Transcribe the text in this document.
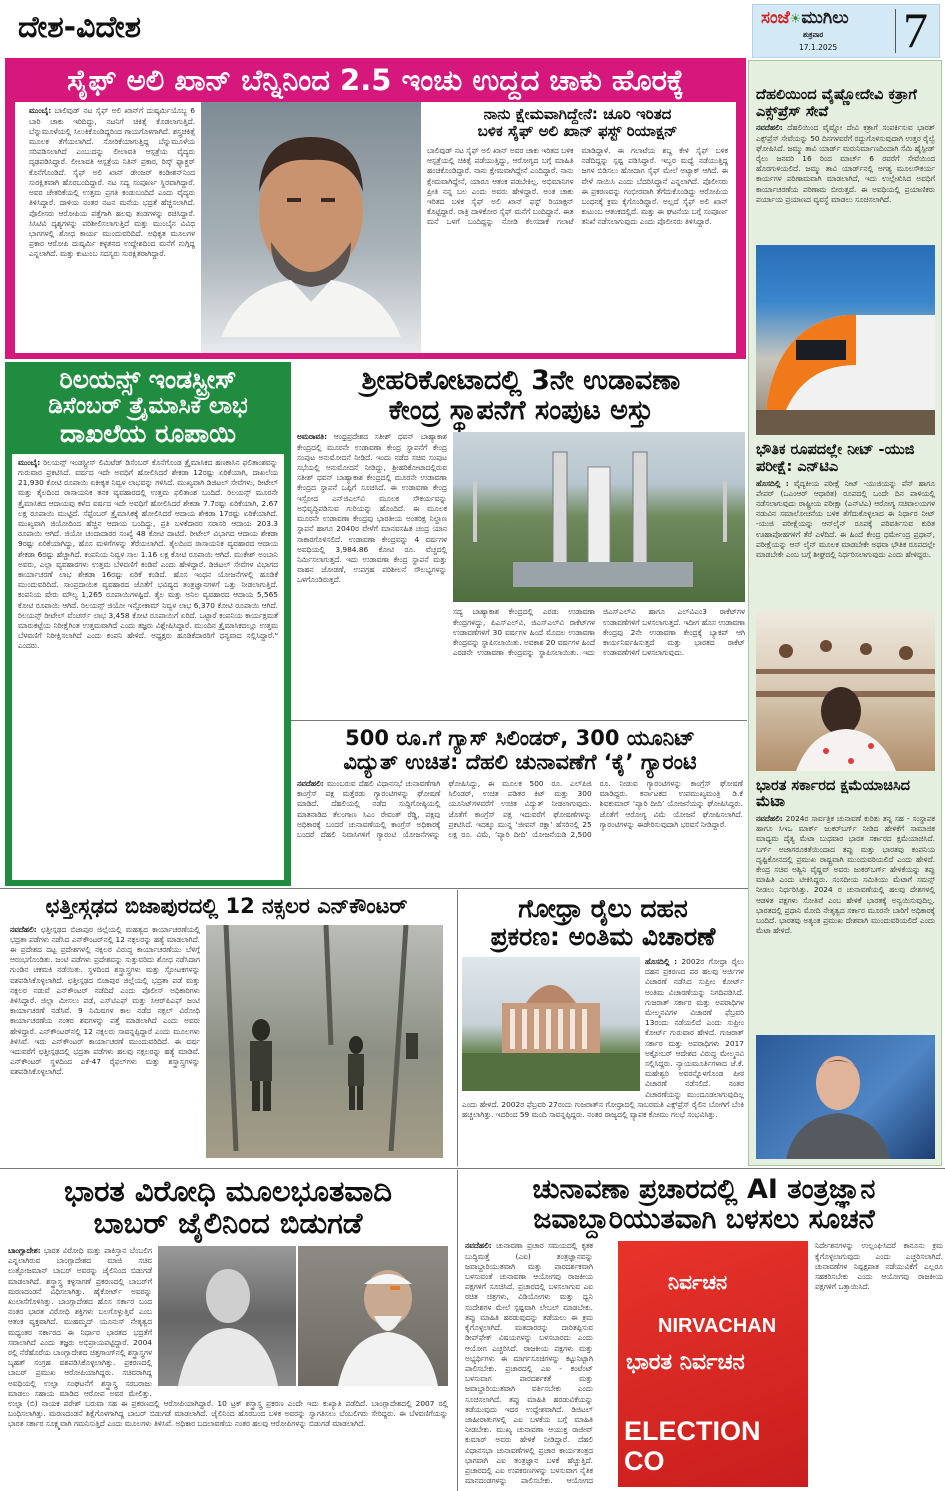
ದೇಶ-ವಿದೇಶ	ಸಂಜೆ☀ಮುಗಿಲು
ಶುಕ್ರವಾರ
17.1.2025 7
ಸೈಫ್ ಅಲಿ ಖಾನ್ ಬೆನ್ನಿನಿಂದ 2.5 ಇಂಚು ಉದ್ದದ ಚಾಕು ಹೊರಕ್ಕೆ
ಮುಂಬೈ: ಬಾಲಿವುಡ್ ನಟ ಸೈಫ್ ಅಲಿ ಖಾನ್‌ಗೆ ದುಷ್ಕರ್ಮಿಯೊಬ್ಬ 6 ಬಾರಿ ಚಾಕು ಇರಿದಿದ್ದು, ನಟನಿಗೆ ಚಿಕಿತ್ಸೆ ಕೊಡಲಾಗುತ್ತಿದೆ. ಬೆನ್ನುಮೂಳೆಯಲ್ಲಿ ಸಿಲುಕಿಕೊಂಡಿದ್ದರಿಂದ ಗಾಯಗೊಳಗಾಗಿದೆ. ಶಸ್ತ್ರಚಿಕಿತ್ಸೆ ಮೂಲಕ ತೆಗೆಯಲಾಗಿದೆ. ಸೋರಿಕೆಯಾಗುತ್ತಿದ್ದ ಬೆನ್ನುಮೂಳೆಯ ಸರಿಪಡಿಸಲಾಗಿದೆ ಎಂಬುದನ್ನು ಲೀಲಾವತಿ ಆಸ್ಪತ್ರೆಯ ವೈದ್ಯರು ದೃಢಪಡಿಸಿದ್ದಾರೆ. ಲೀಲಾವತಿ ಆಸ್ಪತ್ರೆಯ ನಿತಿನ್ ಪ್ರಕಾರ, ರಿಸ್ಕ್ ಫ್ಯಾಕ್ಚರ್ ಕೊನೆಗೊಂಡಿದೆ. ಸೈಫ್ ಅಲಿ ಖಾನ್ ಡೇಂಜರ್ ಕಂಡೀಶನ್‌ನಿಂದ ಸುರಕ್ಷಿತವಾಗಿ ಹೊರಬಂದಿದ್ದಾರೆ. ನಟ ಸದ್ಯ ಸಂಪೂರ್ಣ ಸ್ಥಿರವಾಗಿದ್ದಾರೆ. ಅವರ ಚೇತರಿಕೆಯಲ್ಲಿ ಉತ್ತಮ ಪ್ರಗತಿ ಕಂಡುಬಂದಿದೆ ಎಂದು ವೈದ್ಯರು ತಿಳಿಸಿದ್ದಾರೆ. ದಾಳಿಯ ನಂತರ ನಟನ ಮನೆಯ ಭದ್ರತೆ ಹೆಚ್ಚಿಸಲಾಗಿದೆ. ಪೊಲೀಸರು ಆರೋಪಿಯ ಪತ್ತೆಗಾಗಿ ಹಲವು ತಂಡಗಳನ್ನು ರಚಿಸಿದ್ದಾರೆ. ಸಿಸಿಟಿವಿ ದೃಶ್ಯಗಳನ್ನು ಪರಿಶೀಲಿಸಲಾಗುತ್ತಿದೆ ಮತ್ತು ಮುಂಬೈನ ವಿವಿಧ ಭಾಗಗಳಲ್ಲಿ ಶೋಧ ಕಾರ್ಯ ಮುಂದುವರಿದಿದೆ. ಅಧಿಕೃತ ಮೂಲಗಳ ಪ್ರಕಾರ ಆರೋಪಿ ದುಷ್ಕರ್ಮಿ ಕಳ್ಳತನದ ಉದ್ದೇಶದಿಂದ ಮನೆಗೆ ನುಗ್ಗಿದ್ದ ಎನ್ನಲಾಗಿದೆ. ಮತ್ತು ಕುಟುಂಬ ಸದಸ್ಯರು ಸುರಕ್ಷಿತರಾಗಿದ್ದಾರೆ.
ನಾನು ಕ್ಷೇಮವಾಗಿದ್ದೇನೆ: ಚೂರಿ ಇರಿತದ
ಬಳಿಕ ಸೈಫ್ ಅಲಿ ಖಾನ್ ಫಸ್ಟ್ ರಿಯಾಕ್ಷನ್
ಬಾಲಿವುಡ್ ನಟ ಸೈಫ್ ಅಲಿ ಖಾನ್ ಅವರ ಚಾಕು ಇರಿತದ ಬಳಿಕ ಆಸ್ಪತ್ರೆಯಲ್ಲಿ ಚಿಕಿತ್ಸೆ ಪಡೆಯುತ್ತಿದ್ದು, ಆರೋಗ್ಯದ ಬಗ್ಗೆ ಮಾಹಿತಿ ಹಂಚಿಕೊಂಡಿದ್ದಾರೆ. ನಾನು ಕ್ಷೇಮವಾಗಿದ್ದೇನೆ ಎಂದಿದ್ದಾರೆ. ನಾನು ಕ್ಷೇಮವಾಗಿದ್ದೇನೆ, ಯಾರೂ ಆತಂಕ ಪಡಬೇಕಿಲ್ಲ. ಅಭಿಮಾನಿಗಳ ಪ್ರೀತಿ ನನ್ನ ಬಲ ಎಂದು ಅವರು ಹೇಳಿದ್ದಾರೆ. ಅಂತ ಚಾಕು ಇರಿತದ ಬಳಿಕ ಸೈಫ್ ಅಲಿ ಖಾನ್ ಫಸ್ಟ್ ರಿಯಾಕ್ಷನ್ ಕೊಟ್ಟಿದ್ದಾರೆ. ರಾತ್ರಿ ದಾಳಿಕೋರ ಸೈಫ್ ಮನೆಗೆ ಬಂದಿದ್ದಾನೆ. ಈತ ಮನೆ ಒಳಗೆ ಬಂದಿದ್ದನ್ನು ನೋಡಿ ಕೆಲಸದಾಕೆ ಗಲಾಟೆ ಮಾಡಿದ್ದಾಳೆ. ಈ ಗಲಾಟೆಯ ಶಬ್ದ ಕೇಳಿ ಸೈಫ್ ಬಳಿಕ ನಡೆದಿದ್ದನ್ನು ಸ್ಪಷ್ಟ ಪಡಿಸಿದ್ದಾರೆ. ಇಬ್ಬರ ಮಧ್ಯೆ ನಡೆಯುತ್ತಿದ್ದ ಜಗಳ ಬಿಡಿಸಲು ಹೋದಾಗ ಸೈಫ್ ಮೇಲೆ ಅಟ್ಯಾಕ್ ಆಗಿದೆ. ಈ ವೇಳೆ ಸಾಯಿಸಿ ಎಂದು ಬೆದರಿಸಿದ್ದಾನೆ ಎನ್ನಲಾಗಿದೆ. ಪೊಲೀಸರು ಈ ಪ್ರಕರಣವನ್ನು ಗಂಭೀರವಾಗಿ ತೆಗೆದುಕೊಂಡಿದ್ದು ಆರೋಪಿಯ ಬಂಧನಕ್ಕೆ ಕ್ರಮ ಕೈಗೊಂಡಿದ್ದಾರೆ. ಅಲ್ಲದೆ ಸೈಫ್ ಅಲಿ ಖಾನ್ ಕುಟುಂಬ ಆತಂಕದಲ್ಲಿದೆ. ಮತ್ತು ಈ ಘಟನೆಯ ಬಗ್ಗೆ ಸಂಪೂರ್ಣ ತನಿಖೆ ನಡೆಸಲಾಗುವುದು ಎಂದು ಪೊಲೀಸರು ತಿಳಿಸಿದ್ದಾರೆ.
ರಿಲಯನ್ಸ್ ಇಂಡಸ್ಟ್ರೀಸ್
ಡಿಸೆಂಬರ್ ತ್ರೈಮಾಸಿಕ ಲಾಭ
ದಾಖಲೆಯ ರೂಪಾಯಿ
ಮುಂಬೈ: ರಿಲಯನ್ಸ್ ಇಂಡಸ್ಟ್ರೀಸ್ ಲಿಮಿಟೆಡ್ ಡಿಸೆಂಬರ್ ಕೊನೆಗೊಂಡ ತ್ರೈಮಾಸಿಕದ ಹಣಕಾಸಿನ ಫಲಿತಾಂಶವನ್ನು ಗುರುವಾರ ಪ್ರಕಟಿಸಿದೆ. ವರ್ಷದ ಇದೇ ಅವಧಿಗೆ ಹೋಲಿಸಿದರೆ ಶೇಕಡಾ 12ರಷ್ಟು ಏರಿಕೆಯಾಗಿ, ದಾಖಲೆಯ 21,930 ಕೋಟಿ ರೂಪಾಯಿ ಏಕೀಕೃತ ನಿವ್ವಳ ಲಾಭವನ್ನು ಗಳಿಸಿದೆ. ಮುಖ್ಯವಾಗಿ ಡಿಜಿಟಲ್ ಸೇವೆಗಳು, ರೀಟೇಲ್ ಮತ್ತು ತೈಲದಿಂದ ರಾಸಾಯನಿಕ ತನಕ ವ್ಯವಹಾರದಲ್ಲಿ ಉತ್ತಮ ಫಲಿತಾಂಶ ಬಂದಿದೆ. ರಿಲಯನ್ಸ್ ಮೂರನೇ ತ್ರೈಮಾಸಿಕದ ಆದಾಯವು ಕಳೆದ ವರ್ಷದ ಇದೇ ಅವಧಿಗೆ ಹೋಲಿಸಿದರೆ ಶೇಕಡಾ 7.7ರಷ್ಟು ಏರಿಕೆಯಾಗಿ, 2.67 ಲಕ್ಷ ರೂಪಾಯಿ ಮುಟ್ಟಿದೆ. ಸೆಪ್ಟೆಂಬರ್ ತ್ರೈಮಾಸಿಕಕ್ಕೆ ಹೋಲಿಸಿದರೆ ಆದಾಯ ಶೇಕಡಾ 17ರಷ್ಟು ಏರಿಕೆಯಾಗಿದೆ. ಮುಖ್ಯವಾಗಿ ಜಿಯೋದಿಂದ ಹೆಚ್ಚಿನ ಆದಾಯ ಬಂದಿದ್ದು, ಪ್ರತಿ ಬಳಕೆದಾರರ ಸರಾಸರಿ ಆದಾಯ 203.3 ರೂಪಾಯಿ ಆಗಿದೆ. ಜಿಯೋ ಚಂದಾದಾರರ ಸಂಖ್ಯೆ 48 ಕೋಟಿ ದಾಟಿದೆ. ರೀಟೇಲ್ ವಿಭಾಗದ ಆದಾಯ ಶೇಕಡಾ 9ರಷ್ಟು ಏರಿಕೆಯಾಗಿದ್ದು, ಹೊಸ ಮಳಿಗೆಗಳನ್ನು ತೆರೆಯಲಾಗಿದೆ. ತೈಲದಿಂದ ರಾಸಾಯನಿಕ ವ್ಯವಹಾರದ ಆದಾಯ ಶೇಕಡಾ 6ರಷ್ಟು ಹೆಚ್ಚಾಗಿದೆ. ಕಂಪನಿಯ ನಿವ್ವಳ ಸಾಲ 1.16 ಲಕ್ಷ ಕೋಟಿ ರೂಪಾಯಿ ಆಗಿದೆ. ಮುಕೇಶ್ ಅಂಬಾನಿ ಅವರು, ಎಲ್ಲಾ ವ್ಯವಹಾರಗಳು ಉತ್ತಮ ಬೆಳವಣಿಗೆ ಕಂಡಿವೆ ಎಂದು ಹೇಳಿದ್ದಾರೆ. ಡಿಜಿಟಲ್ ಸೇವೆಗಳ ವಿಭಾಗದ ಕಾರ್ಯಾಚರಣೆ ಲಾಭ ಶೇಕಡಾ 16ರಷ್ಟು ಏರಿಕೆ ಕಂಡಿದೆ. ಹೊಸ ಇಂಧನ ಯೋಜನೆಗಳಲ್ಲಿ ಹೂಡಿಕೆ ಮುಂದುವರಿದಿದೆ. ಸಾಂಪ್ರದಾಯಿಕ ವ್ಯವಹಾರದ ಜೊತೆಗೆ ಭವಿಷ್ಯದ ತಂತ್ರಜ್ಞಾನಗಳಿಗೆ ಒತ್ತು ನೀಡಲಾಗುತ್ತಿದೆ. ಕಂಪನಿಯ ಷೇರು ಮೌಲ್ಯ 1,265 ರೂಪಾಯಿಗಳಷ್ಟಿದೆ. ತೈಲ ಮತ್ತು ಅನಿಲ ವ್ಯವಹಾರದ ಆದಾಯ 5,565 ಕೋಟಿ ರೂಪಾಯಿ ಆಗಿದೆ. ರಿಲಯನ್ಸ್ ಜಿಯೋ ಇನ್ಫೋಕಾಮ್ ನಿವ್ವಳ ಲಾಭ 6,370 ಕೋಟಿ ರೂಪಾಯಿ ಆಗಿದೆ. ರಿಲಯನ್ಸ್ ರೀಟೇಲ್ ವೆಂಚರ್ಸ್ ಲಾಭ 3,458 ಕೋಟಿ ರೂಪಾಯಿಗೆ ಏರಿದೆ. ಒಟ್ಟಾರೆ ಕಂಪನಿಯ ಕಾರ್ಯಕ್ಷಮತೆ ಮಾರುಕಟ್ಟೆಯ ನಿರೀಕ್ಷೆಗಿಂತ ಉತ್ತಮವಾಗಿದೆ ಎಂದು ತಜ್ಞರು ವಿಶ್ಲೇಷಿಸಿದ್ದಾರೆ. ಮುಂದಿನ ತ್ರೈಮಾಸಿಕದಲ್ಲೂ ಉತ್ತಮ ಬೆಳವಣಿಗೆ ನಿರೀಕ್ಷಿಸಲಾಗಿದೆ ಎಂದು ಕಂಪನಿ ಹೇಳಿದೆ. ಅಧ್ಯಕ್ಷರು ಹೂಡಿಕೆದಾರರಿಗೆ ಧನ್ಯವಾದ ಸಲ್ಲಿಸಿದ್ದಾರೆ." ಎಂದರು.
ಶ್ರೀಹರಿಕೋಟಾದಲ್ಲಿ 3ನೇ ಉಡಾವಣಾ
ಕೇಂದ್ರ ಸ್ಥಾಪನೆಗೆ ಸಂಪುಟ ಅಸ್ತು
ಅಮರಾವತಿ: ಆಂಧ್ರಪ್ರದೇಶದ ಸತೀಶ್ ಧವನ್ ಬಾಹ್ಯಾಕಾಶ ಕೇಂದ್ರದಲ್ಲಿ ಮೂರನೇ ಉಡಾವಣಾ ಕೇಂದ್ರ ಸ್ಥಾಪನೆಗೆ ಕೇಂದ್ರ ಸಂಪುಟ ಅನುಮೋದನೆ ನೀಡಿದೆ. ಇಂದು ನಡೆದ ಸಚಿವ ಸಂಪುಟ ಸಭೆಯಲ್ಲಿ ಅನುಮೋದನೆ ನೀಡಿದ್ದು, ಶ್ರೀಹರಿಕೋಟಾದಲ್ಲಿರುವ ಸತೀಶ್ ಧವನ್ ಬಾಹ್ಯಾಕಾಶ ಕೇಂದ್ರದಲ್ಲಿ ಮೂರನೇ ಉಡಾವಣಾ ಕೇಂದ್ರದ ಸ್ಥಾಪನೆ ಒಪ್ಪಿಗೆ ಸೂಚಿಸಿದೆ. ಈ ಉಡಾವಣಾ ಕೇಂದ್ರ ಇಸ್ರೋದ ಎನ್‌ಜಿಎಲ್‌ವಿ ಮೂಲಕ ಸೌಕರ್ಯವನ್ನು ಅಭಿವೃದ್ಧಿಪಡಿಸುವ ಗುರಿಯನ್ನು ಹೊಂದಿದೆ. ಈ ಮೂಲಕ ಮೂರನೇ ಉಡಾವಣಾ ಕೇಂದ್ರವು ಭಾರತೀಯ ಅಂತರಿಕ್ಷ ನಿಲ್ದಾಣ ಸ್ಥಾಪನೆ ಹಾಗೂ 2040ರ ವೇಳೆಗೆ ಮಾನವಸಹಿತ ಚಂದ್ರ ಯಾನ ಸಾಕಾರಗೊಳಿಸಲಿದೆ. ಉಡಾವಣಾ ಕೇಂದ್ರವನ್ನು 4 ವರ್ಷಗಳ ಅವಧಿಯಲ್ಲಿ 3,984.86 ಕೋಟಿ ರೂ. ವೆಚ್ಚದಲ್ಲಿ ನಿರ್ಮಿಸಲಾಗುತ್ತದೆ. ಇದು ಉಡಾವಣಾ ಕೇಂದ್ರ ಸ್ಥಾಪನೆ ಮತ್ತು ವಾಹನ ಜೋಡಣೆ, ಉಪಗ್ರಹ ಪರಿಶೀಲನೆ ಸೌಲಭ್ಯಗಳನ್ನು ಒಳಗೊಂಡಿರುತ್ತದೆ.
ಸದ್ಯ ಬಾಹ್ಯಾಕಾಶ ಕೇಂದ್ರದಲ್ಲಿ ಎರಡು ಉಡಾವಣಾ ಕೇಂದ್ರಗಳಿದ್ದು, ಪಿಎಸ್‌ಎಲ್‌ವಿ, ಜಿಎಸ್‌ಎಲ್‌ವಿ ರಾಕೆಟ್‌ಗಳ ಉಡಾವಣೆಗಳಿಗೆ 30 ವರ್ಷಗಳ ಹಿಂದೆ ಮೊದಲ ಉಡಾವಣಾ ಕೇಂದ್ರವನ್ನು ಸ್ಥಾಪಿಸಲಾಯಿತು. ಅವಕಾಶ 20 ವರ್ಷಗಳ ಹಿಂದೆ ಎರಡನೇ ಉಡಾವಣಾ ಕೇಂದ್ರವನ್ನು ಸ್ಥಾಪಿಸಲಾಯಿತು. ಇದು ಜಿಎಸ್‌ಎಲ್‌ವಿ ಹಾಗೂ ಎಲ್‌ವಿಎಂ3 ರಾಕೆಟ್‌ಗಳ ಉಡಾವಣೆಗಳಿಗೆ ಬಳಸಲಾಗುತ್ತದೆ. ಇದೀಗ ಹೊಸ ಉಡಾವಣಾ ಕೇಂದ್ರವು 2ನೇ ಉಡಾವಣಾ ಕೇಂದ್ರಕ್ಕೆ ಬ್ಯಾಕಪ್ ಆಗಿ ಕಾರ್ಯನಿರ್ವಹಿಸುತ್ತದೆ ಮತ್ತು ಭಾರತದ ರಾಕೆಟ್ ಉಡಾವಣೆಗಳಿಗೆ ಬಳಸಲಾಗುವುದು.
500 ರೂ.ಗೆ ಗ್ಯಾಸ್ ಸಿಲಿಂಡರ್, 300 ಯೂನಿಟ್
ವಿದ್ಯುತ್ ಉಚಿತ: ದೆಹಲಿ ಚುನಾವಣೆಗೆ ‘ಕೈ’ ಗ್ಯಾರಂಟಿ
ನವದೆಹಲಿ: ಮುಂಬರುವ ದೆಹಲಿ ವಿಧಾನಸಭೆ ಚುನಾವಣೆಗಾಗಿ ಕಾಂಗ್ರೆಸ್ ಪಕ್ಷ ಮತ್ತೆರಡು ಗ್ಯಾರಂಟಿಗಳನ್ನು ಘೋಷಣೆ ಮಾಡಿದೆ. ದೆಹಲಿಯಲ್ಲಿ ನಡೆದ ಸುದ್ದಿಗೋಷ್ಠಿಯಲ್ಲಿ ಮಾತನಾಡಿದ ತೆಲಂಗಾಣ ಸಿಎಂ ರೇವಂತ್ ರೆಡ್ಡಿ, ಪಕ್ಷವು ಅಧಿಕಾರಕ್ಕೆ ಬಂದರೆ ಚುನಾವಣೆಯಲ್ಲಿ ಕಾಂಗ್ರೆಸ್ ಅಧಿಕಾರಕ್ಕೆ ಬಂದರೆ ದೆಹಲಿ ನಿವಾಸಿಗಳಿಗೆ ಗ್ಯಾರಂಟಿ ಯೋಜನೆಗಳನ್ನು ಘೋಷಿಸಿದ್ದು, ಈ ಮೂಲಕ 500 ರೂ. ಎಲ್‌ಪಿಜಿ ಸಿಲಿಂಡರ್, ಉಚಿತ ಪಡಿತರ ಕಿಟ್ ಮತ್ತು 300 ಯೂನಿಟ್‌ಗಳವರೆಗೆ ಉಚಿತ ವಿದ್ಯುತ್ ನೀಡಲಾಗುವುದು. ಜೊತೆಗೆ ಕಾಂಗ್ರೆಸ್ ಪಕ್ಷ ಇದುವರೆಗೆ ಘೋಷಣೆಗಳನ್ನು ಪ್ರಕಟಿಸಿದೆ. ಇದಕ್ಕೂ ಮುನ್ನ ‘ಜೀವನ್ ರಕ್ಷಾ’ ಹೆಸರಿನಲ್ಲಿ 25 ಲಕ್ಷ ರೂ. ವಿಮೆ, ‘ಪ್ಯಾರಿ ದೀದಿ’ ಯೋಜನೆಯಡಿ 2,500 ರೂ. ನೀಡುವ ಗ್ಯಾರಂಟಿಗಳನ್ನು ಕಾಂಗ್ರೆಸ್ ಘೋಷಣೆ ಮಾಡಿದ್ದರು. ಕರ್ನಾಟಕದ ಉಪಮುಖ್ಯಮಂತ್ರಿ ಡಿ.ಕೆ ಶಿವಕುಮಾರ್ ‘ಪ್ಯಾರಿ ದೀದಿ’ ಯೋಜನೆಯನ್ನು ಘೋಷಿಸಿದ್ದರು. ಜೊತೆಗೆ ಆರೋಗ್ಯ ವಿಮೆ ಯೋಜನೆ ಘೋಷಿಸಲಾಗಿದೆ. ಗ್ಯಾರಂಟಿಗಳನ್ನು ಈಡೇರಿಸುವುದಾಗಿ ಭರವಸೆ ನೀಡಿದ್ದಾರೆ.
ಛತ್ತೀಸ್ಗಢದ ಬಿಜಾಪುರದಲ್ಲಿ 12 ನಕ್ಸಲರ ಎನ್‌ಕೌಂಟರ್
ನವದೆಹಲಿ: ಛತ್ತೀಸ್ಗಢದ ಬಿಜಾಪುರ ಜಿಲ್ಲೆಯಲ್ಲಿ ಮಹತ್ವದ ಕಾರ್ಯಾಚರಣೆಯಲ್ಲಿ ಭದ್ರತಾ ಪಡೆಗಳು ನಡೆಸಿದ ಎನ್‌ಕೌಂಟರ್‌ನಲ್ಲಿ 12 ನಕ್ಸಲರನ್ನು ಹತ್ಯೆ ಮಾಡಲಾಗಿದೆ. ಈ ಪ್ರದೇಶದ ದಟ್ಟ ಪ್ರದೇಶಗಳಲ್ಲಿ ನಕ್ಸಲರ ವಿರುದ್ಧ ಕಾರ್ಯಾಚರಣೆಯು ಬೆಳಿಗ್ಗೆ ಆರಂಭಗೊಂಡಿತು. ಜಂಟಿ ಪಡೆಗಳು ಪ್ರದೇಶವನ್ನು ಸುತ್ತುವರಿದು ಶೋಧ ನಡೆಸಿದಾಗ ಗುಂಡಿನ ಚಕಮಕಿ ನಡೆಯಿತು. ಸ್ಥಳದಿಂದ ಶಸ್ತ್ರಾಸ್ತ್ರಗಳು ಮತ್ತು ಸ್ಫೋಟಕಗಳನ್ನು ವಶಪಡಿಸಿಕೊಳ್ಳಲಾಗಿದೆ. ಛತ್ತೀಸ್ಗಢದ ಬಿಜಾಪುರ ಜಿಲ್ಲೆಯಲ್ಲಿ ಭದ್ರತಾ ಪಡೆ ಮತ್ತು ನಕ್ಸಲರ ನಡುವೆ ಎನ್‌ಕೌಂಟರ್ ನಡೆದಿದೆ ಎಂದು ಪೊಲೀಸ್ ಅಧಿಕಾರಿಗಳು ತಿಳಿಸಿದ್ದಾರೆ. ಜಿಲ್ಲಾ ಮೀಸಲು ಪಡೆ, ಎಸ್‌ಟಿಎಫ್ ಮತ್ತು ಸಿಆರ್‌ಪಿಎಫ್ ಜಂಟಿ ಕಾರ್ಯಾಚರಣೆ ನಡೆಸಿವೆ. 9 ನಿಮಿಷಗಳ ಕಾಲ ನಡೆದ ನಕ್ಸಲ್ ವಿರೋಧಿ ಕಾರ್ಯಾಚರಣೆಯ ನಂತರ ಶವಗಳನ್ನು ಪತ್ತೆ ಮಾಡಲಾಗಿದೆ ಎಂದು ಅವರು ಹೇಳಿದ್ದಾರೆ. ಎನ್‌ಕೌಂಟರ್‌ನಲ್ಲಿ 12 ನಕ್ಸಲರು ಸಾವನ್ನಪ್ಪಿದ್ದಾರೆ ಎಂದು ಮೂಲಗಳು ತಿಳಿಸಿವೆ. ಇದು ಎನ್‌ಕೌಂಟರ್ ಕಾರ್ಯಾಚರಣೆ ಮುಂದುವರಿದಿದೆ. ಈ ವರ್ಷ ಇದುವರೆಗೆ ಛತ್ತೀಸ್ಗಢದಲ್ಲಿ ಭದ್ರತಾ ಪಡೆಗಳು ಹಲವು ನಕ್ಸಲರನ್ನು ಹತ್ಯೆ ಮಾಡಿವೆ. ಎನ್‌ಕೌಂಟರ್ ಸ್ಥಳದಿಂದ ಎಕೆ-47 ರೈಫಲ್‌ಗಳು ಮತ್ತು ಶಸ್ತ್ರಾಸ್ತ್ರಗಳನ್ನು ವಶಪಡಿಸಿಕೊಳ್ಳಲಾಗಿದೆ.
ಗೋಧ್ರಾ ರೈಲು ದಹನ
ಪ್ರಕರಣ: ಅಂತಿಮ ವಿಚಾರಣೆ
ಹೊಸದಿಲ್ಲಿ : 2002ರ ಗೋಧ್ರಾ ರೈಲು ದಹನ ಪ್ರಕರಣದ ಪರ ಹಲವು ಅರ್ಜಿಗಳ ವಿಚಾರಣೆ ನಡೆಸಿದ ಸುಪ್ರೀಂ ಕೋರ್ಟ್ ಅಂತಿಮ ವಿಚಾರಣೆಯನ್ನು ನಿಗದಿಪಡಿಸಿದೆ. ಗುಜರಾತ್ ಸರ್ಕಾರ ಮತ್ತು ಅಪರಾಧಿಗಳ ಮೇಲ್ಮನವಿಗಳ ವಿಚಾರಣೆ ಫೆಬ್ರವರಿ 13ರಂದು ನಡೆಯಲಿದೆ ಎಂದು ಸುಪ್ರೀಂ ಕೋರ್ಟ್ ಗುರುವಾರ ಹೇಳಿದೆ. ಗುಜರಾತ್ ಸರ್ಕಾರ ಮತ್ತು ಅಪರಾಧಿಗಳು 2017 ಅಕ್ಟೋಬರ್ ಆದೇಶದ ವಿರುದ್ಧ ಮೇಲ್ಮನವಿ ಸಲ್ಲಿಸಿದ್ದರು. ನ್ಯಾಯಮೂರ್ತಿಗಳಾದ ಜೆ.ಕೆ. ಮಹೇಶ್ವರಿ ಅವರನ್ನೊಳಗೊಂಡ ಪೀಠ ವಿಚಾರಣೆ ನಡೆಸಲಿದೆ. ನಂತರ ವಿಚಾರಣೆಯನ್ನು ಮುಂದೂಡಲಾಗುವುದಿಲ್ಲ ಎಂದು ಹೇಳಿದೆ. 2002ರ ಫೆಬ್ರವರಿ 27ರಂದು ಗುಜರಾತ್‌ನ ಗೋಧ್ರಾದಲ್ಲಿ ಸಾಬರಮತಿ ಎಕ್ಸ್‌ಪ್ರೆಸ್ ರೈಲಿನ ಬೋಗಿಗೆ ಬೆಂಕಿ ಹಚ್ಚಲಾಗಿತ್ತು. ಇದರಿಂದ 59 ಮಂದಿ ಸಾವನ್ನಪ್ಪಿದ್ದರು. ನಂತರ ರಾಜ್ಯದಲ್ಲಿ ವ್ಯಾಪಕ ಕೋಮು ಗಲಭೆ ಸಂಭವಿಸಿತ್ತು.
ಭಾರತ ವಿರೋಧಿ ಮೂಲಭೂತವಾದಿ
ಬಾಬರ್ ಜೈಲಿನಿಂದ ಬಿಡುಗಡೆ
ಬಾಂಗ್ಲಾದೇಶ: ಭಾರತ ವಿರೋಧಿ ಮತ್ತು ಪಾಕಿಸ್ತಾನ ಬೆಂಬಲಿಗ ಎನ್ನಲಾಗಿರುವ ಬಾಂಗ್ಲಾದೇಶದ ಮಾಜಿ ಸಚಿವ ಲುತ್ಫೋಜಮಾನ್ ಬಾಬರ್ ಅವರನ್ನು ಜೈಲಿನಿಂದ ಬಿಡುಗಡೆ ಮಾಡಲಾಗಿದೆ. ಶಸ್ತ್ರಾಸ್ತ್ರ ಕಳ್ಳಸಾಗಣೆ ಪ್ರಕರಣದಲ್ಲಿ ಬಾಬರ್‌ಗೆ ಮರಣದಂಡನೆ ವಿಧಿಸಲಾಗಿತ್ತು. ಹೈಕೋರ್ಟ್ ಅವರನ್ನು ಖುಲಾಸೆಗೊಳಿಸಿತ್ತು. ಬಾಂಗ್ಲಾದೇಶದ ಹೊಸ ಸರ್ಕಾರ ಬಂದ ನಂತರ ಭಾರತ ವಿರೋಧಿ ಶಕ್ತಿಗಳು ಬಲಗೊಳ್ಳುತ್ತಿವೆ ಎಂಬ ಆತಂಕ ವ್ಯಕ್ತವಾಗಿದೆ. ಮುಹಮ್ಮದ್ ಯೂನುಸ್ ನೇತೃತ್ವದ ಮಧ್ಯಂತರ ಸರ್ಕಾರದ ಈ ನಿರ್ಧಾರ ಭಾರತದ ಭದ್ರತೆಗೆ ಸವಾಲಾಗಿದೆ ಎಂದು ತಜ್ಞರು ಅಭಿಪ್ರಾಯಪಟ್ಟಿದ್ದಾರೆ. 2004 ರಲ್ಲಿ ನೆರೆಹೊರೆಯ ಬಾಂಗ್ಲಾದೇಶದ ಚಿತ್ತಗಾಂಗ್‌ನಲ್ಲಿ ಶಸ್ತ್ರಾಸ್ತ್ರಗಳ ಬೃಹತ್ ಸಂಗ್ರಹ ವಶಪಡಿಸಿಕೊಳ್ಳಲಾಗಿತ್ತು. ಪ್ರಕರಣದಲ್ಲಿ ಬಾಬರ್ ಪ್ರಮುಖ ಆರೋಪಿಯಾಗಿದ್ದರು. ಸಚಿವರಾಗಿದ್ದ ಅವಧಿಯಲ್ಲಿ ಉಲ್ಫಾ ಸಂಘಟನೆಗೆ ಶಸ್ತ್ರಾಸ್ತ್ರ ಸರಬರಾಜು ಮಾಡಲು ಸಹಾಯ ಮಾಡಿದ ಆರೋಪ ಅವರ ಮೇಲಿತ್ತು. ಉಲ್ಫಾ (ಬಿ) ನಾಯಕ ಪರೇಶ್ ಬರುವಾ ಸಹ ಈ ಪ್ರಕರಣದಲ್ಲಿ ಆರೋಪಿಯಾಗಿದ್ದಾರೆ. 10 ಟ್ರಕ್ ಶಸ್ತ್ರಾಸ್ತ್ರ ಪ್ರಕರಣ ಎಂದೇ ಇದು ಕುಖ್ಯಾತಿ ಪಡೆದಿದೆ. ಬಾಂಗ್ಲಾದೇಶದಲ್ಲಿ 2007 ರಲ್ಲಿ ಬಂಧಿಸಲಾಗಿತ್ತು. ಮರಣದಂಡನೆ ಶಿಕ್ಷೆಗೊಳಗಾಗಿದ್ದ ಬಾಬರ್ ಬಿಡುಗಡೆ ಮಾಡಲಾಗಿದೆ. ಜೈಲಿನಿಂದ ಹೊರಬಂದ ಬಳಿಕ ಅವರನ್ನು ಸ್ವಾಗತಿಸಲು ಬೆಂಬಲಿಗರು ಸೇರಿದ್ದರು. ಈ ಬೆಳವಣಿಗೆಯನ್ನು ಭಾರತ ಸರ್ಕಾರ ಸೂಕ್ಷ್ಮವಾಗಿ ಗಮನಿಸುತ್ತಿದೆ ಎಂದು ಮೂಲಗಳು ತಿಳಿಸಿವೆ. ಅಧಿಕಾರ ಬದಲಾವಣೆಯ ನಂತರ ಹಲವು ಆರೋಪಿಗಳನ್ನು ಬಿಡುಗಡೆ ಮಾಡಲಾಗಿದೆ.
ಚುನಾವಣಾ ಪ್ರಚಾರದಲ್ಲಿ AI ತಂತ್ರಜ್ಞಾನ
ಜವಾಬ್ದಾರಿಯುತವಾಗಿ ಬಳಸಲು ಸೂಚನೆ
ನವದೆಹಲಿ: ಚುನಾವಣಾ ಪ್ರಚಾರ ಸಮಯದಲ್ಲಿ ಕೃತಕ ಬುದ್ಧಿಮತ್ತೆ (ಎಐ) ತಂತ್ರಜ್ಞಾನವನ್ನು ಜವಾಬ್ದಾರಿಯುತವಾಗಿ ಮತ್ತು ಪಾರದರ್ಶಕವಾಗಿ ಬಳಸುವಂತೆ ಚುನಾವಣಾ ಆಯೋಗವು ರಾಜಕೀಯ ಪಕ್ಷಗಳಿಗೆ ಸೂಚಿಸಿದೆ. ಪ್ರಚಾರದಲ್ಲಿ ಬಳಸಲಾಗುವ ಎಐ ರಚಿತ ಚಿತ್ರಗಳು, ವಿಡಿಯೋಗಳು ಮತ್ತು ಧ್ವನಿ ಸಂದೇಶಗಳ ಮೇಲೆ ಸ್ಪಷ್ಟವಾಗಿ ಲೇಬಲ್ ಮಾಡಬೇಕು. ತಪ್ಪು ಮಾಹಿತಿ ಹರಡುವುದನ್ನು ತಡೆಯಲು ಈ ಕ್ರಮ ಕೈಗೊಳ್ಳಲಾಗಿದೆ. ಮತದಾರರನ್ನು ದಾರಿತಪ್ಪಿಸುವ ಡೀಪ್‌ಫೇಕ್ ವಿಷಯಗಳನ್ನು ಬಳಸಬಾರದು ಎಂದು ಆಯೋಗ ಎಚ್ಚರಿಸಿದೆ. ರಾಜಕೀಯ ಪಕ್ಷಗಳು ಮತ್ತು ಅಭ್ಯರ್ಥಿಗಳು ಈ ಮಾರ್ಗಸೂಚಿಗಳನ್ನು ಕಟ್ಟುನಿಟ್ಟಾಗಿ ಪಾಲಿಸಬೇಕು. ಪ್ರಚಾರದಲ್ಲಿ ಎಐ - ಕಂಟೆಂಟ್ ಬಳಸುವಾಗ ಪಾರದರ್ಶಕತೆ ಮತ್ತು ಜವಾಬ್ದಾರಿಯುತವಾಗಿ ವರ್ತಿಸಬೇಕು ಎಂದು ಸೂಚಿಸಲಾಗಿದೆ. ತಪ್ಪು ಮಾಹಿತಿ ಹರಡುವಿಕೆಯನ್ನು ತಡೆಯುವುದು ಇದರ ಉದ್ದೇಶವಾಗಿದೆ. ಡಿಜಿಟಲ್ ಜಾಹೀರಾತುಗಳಲ್ಲಿ ಎಐ ಬಳಕೆಯ ಬಗ್ಗೆ ಮಾಹಿತಿ ನೀಡಬೇಕು. ಮುಖ್ಯ ಚುನಾವಣಾ ಆಯುಕ್ತ ರಾಜೀವ್ ಕುಮಾರ್ ಅವರು ಹೇಳಿಕೆ ನೀಡಿದ್ದಾರೆ. ದೆಹಲಿ ವಿಧಾನಸಭಾ ಚುನಾವಣೆಗಳಲ್ಲಿ ಪ್ರಚಾರ ಕಾರ್ಯತಂತ್ರದ ಭಾಗವಾಗಿ ಎಐ ತಂತ್ರಜ್ಞಾನ ಬಳಕೆ ಹೆಚ್ಚುತ್ತಿದೆ. ಪ್ರಚಾರದಲ್ಲಿ ಎಐ ಉಪಕರಣಗಳನ್ನು ಬಳಸುವಾಗ ನೈತಿಕ ಮಾನದಂಡಗಳನ್ನು ಪಾಲಿಸಬೇಕು. ಆಯೋಗದ ನಿರ್ದೇಶನಗಳನ್ನು ಉಲ್ಲಂಘಿಸಿದರೆ ಕಾನೂನು ಕ್ರಮ ಕೈಗೊಳ್ಳಲಾಗುವುದು ಎಂದು ಎಚ್ಚರಿಸಲಾಗಿದೆ. ಚುನಾವಣೆಗಳ ನಿಷ್ಪಕ್ಷಪಾತ ನಡೆಯುವಿಕೆಗೆ ಎಲ್ಲರೂ ಸಹಕರಿಸಬೇಕು ಎಂದು ಆಯೋಗವು ರಾಜಕೀಯ ಪಕ್ಷಗಳಿಗೆ ಒತ್ತಾಯಿಸಿದೆ.
ನಿರ್ವಚನ
NIRVACHAN
ಭಾರತ ನಿರ್ವಚನ
ELECTION CO
ದೆಹಲಿಯಿಂದ ವೈಷ್ಣೋದೇವಿ ಕತ್ರಾಗೆ ಎಕ್ಸ್‌ಪ್ರೆಸ್ ಸೇವೆ
ನವದೆಹಲಿ: ದೆಹಲಿಯಿಂದ ವೈಷ್ಣೋ ದೇವಿ ಕತ್ರಾಗೆ ಸಂಪರ್ಕಿಸುವ ಭಾರತ್ ಎಕ್ಸ್‌ಪ್ರೆಸ್ ಸೇವೆಯನ್ನು 50 ದಿನಗಳವರೆಗೆ ರದ್ದುಗೊಳಿಸುವುದಾಗಿ ಉತ್ತರ ರೈಲ್ವೆ ಘೋಷಿಸಿದೆ. ಜಮ್ಮು ತಾವಿ ಯಾರ್ಡ್ ಮರುನಿರ್ಮಾಣದಿಂದಾಗಿ ಸೆಮಿ ಹೈಸ್ಪೀಡ್ ರೈಲು ಜನವರಿ 16 ರಿಂದ ಮಾರ್ಚ್ 6 ರವರೆಗೆ ಸೇವೆಯಿಂದ ಹೊರಗುಳಿಯಲಿದೆ. ಜಮ್ಮು ತಾವಿ ಯಾರ್ಡ್‌ನಲ್ಲಿ ಅಗತ್ಯ ಮೂಲಸೌಕರ್ಯ ಕಾರ್ಯಗಳ ಪರಿಣಾಮವಾಗಿ ಮಾಡಲಾಗಿದೆ, ಇದು ಉಲ್ಲೇಖಿಸಿದ ಅವಧಿಗೆ ಕಾರ್ಯಾಚರಣೆಯ ಪರಿಣಾಮ ಬೀರುತ್ತದೆ. ಈ ಅವಧಿಯಲ್ಲಿ ಪ್ರಯಾಣಿಕರು ಪರ್ಯಾಯ ಪ್ರಯಾಣದ ವ್ಯವಸ್ಥೆ ಮಾಡಲು ಸೂಚಿಸಲಾಗಿದೆ.
ಭೌತಿಕ ರೂಪದಲ್ಲೇ ನೀಟ್ -ಯುಜಿ ಪರೀಕ್ಷೆ: ಎನ್‌ಟಿಎ
ಹೊಸದಿಲ್ಲಿ : ವೈದ್ಯಕೀಯ ಪರೀಕ್ಷೆ ನೀಟ್ -ಯುಜಿಯನ್ನು ಪೆನ್ ಹಾಗೂ ಪೇಪರ್ (ಒಎಂಆರ್ ಆಧಾರಿತ) ರೂಪದಲ್ಲಿ ಒಂದೇ ದಿನ ಪಾಳಿಯಲ್ಲಿ ನಡೆಸಲಾಗುವುದು ರಾಷ್ಟ್ರೀಯ ಪರೀಕ್ಷಾ (ಎನ್‌ಟಿಎ) ಆರೋಗ್ಯ ಸಚಿವಾಲಯಗಳ ನಡುವಿನ ಸಮಾಲೋಚನೆಯ ಬಳಿಕ ತೆಗೆದುಕೊಳ್ಳಲಾದ ಈ ನಿರ್ಧಾರ ನೀಟ್ -ಯುಜಿ ಪರೀಕ್ಷೆಯನ್ನು ಆನ್‌ಲೈನ್ ರೂಪಕ್ಕೆ ಪರಿವರ್ತಿಸುವ ಕುರಿತ ಊಹಾಪೋಹಗಳಿಗೆ ತೆರೆ ಎಳೆದಿದೆ. ಈ ಹಿಂದೆ ಕೇಂದ್ರ ಧರ್ಮೇಂದ್ರ ಪ್ರಧಾನ್, ಪರೀಕ್ಷೆಯನ್ನು ಆನ್ ಲೈನ್ ಮೂಲಕ ಮಾಡಬೇಕೇ ಅಥವಾ ಭೌತಿಕ ರೂಪದಲ್ಲೇ ಮಾಡಬೇಕೇ ಎಂಬ ಬಗ್ಗೆ ಶೀಘ್ರದಲ್ಲಿ ನಿರ್ಧರಿಸಲಾಗುವುದು ಎಂದು ಹೇಳಿದ್ದರು.
ಭಾರತ ಸರ್ಕಾರದ ಕ್ಷಮೆಯಾಚಿಸಿದ ಮೆಟಾ
ನವದೆಹಲಿ: 2024ರ ಸಾರ್ವತ್ರಿಕ ಚುನಾವಣೆ ಕುರಿತು ತನ್ನ ಸಹ - ಸಂಸ್ಥಾಪಕ ಹಾಗೂ ಸಿಇಒ ಮಾರ್ಕ್ ಜುಕರ್‌ಬರ್ಗ್ ನೀಡಿದ ಹೇಳಿಕೆಗೆ ಸಾಮಾಜಿಕ ಮಾಧ್ಯಮ ದೈತ್ಯ ಮೆಟಾ ಬುಧವಾರ ಭಾರತ ಸರ್ಕಾರದ ಕ್ಷಮೆಯಾಚಿಸಿದೆ. ಬರ್ಗ್ ಅಜಾಗರೂಕತೆಯಿಂದಾದ ತಪ್ಪು ಮತ್ತು ಭಾರತವು ಕಂಪನಿಯ ದೃಷ್ಟಿಕೋನದಲ್ಲಿ ಪ್ರಮುಖ ರಾಷ್ಟ್ರವಾಗಿ ಮುಂದುವರಿಯಲಿದೆ ಎಂದು ಹೇಳಿದೆ. ಕೇಂದ್ರ ಸಚಿವ ಅಶ್ವಿನಿ ವೈಷ್ಣವ್ ಅವರು ಜುಕರ್‌ಬರ್ಗ್ ಹೇಳಿಕೆಯನ್ನು ತಪ್ಪು ಮಾಹಿತಿ ಎಂದು ಟೀಕಿಸಿದ್ದರು. ಸಂಸದೀಯ ಸಮಿತಿಯು ಮೆಟಾಗೆ ಸಮನ್ಸ್ ನೀಡಲು ನಿರ್ಧರಿಸಿತ್ತು. 2024 ರ ಚುನಾವಣೆಯಲ್ಲಿ ಹಲವು ದೇಶಗಳಲ್ಲಿ ಆಡಳಿತ ಪಕ್ಷಗಳು ಸೋತಿವೆ ಎಂಬ ಹೇಳಿಕೆ ಭಾರತಕ್ಕೆ ಅನ್ವಯಿಸುವುದಿಲ್ಲ. ಭಾರತದಲ್ಲಿ ಪ್ರಧಾನಿ ಮೋದಿ ನೇತೃತ್ವದ ಸರ್ಕಾರ ಮೂರನೇ ಬಾರಿಗೆ ಅಧಿಕಾರಕ್ಕೆ ಬಂದಿದೆ. ಭಾರತವು ಅತ್ಯಂತ ಪ್ರಮುಖ ದೇಶವಾಗಿ ಮುಂದುವರಿಯಲಿದೆ ಎಂದು ಮೆಟಾ ಹೇಳಿದೆ.
